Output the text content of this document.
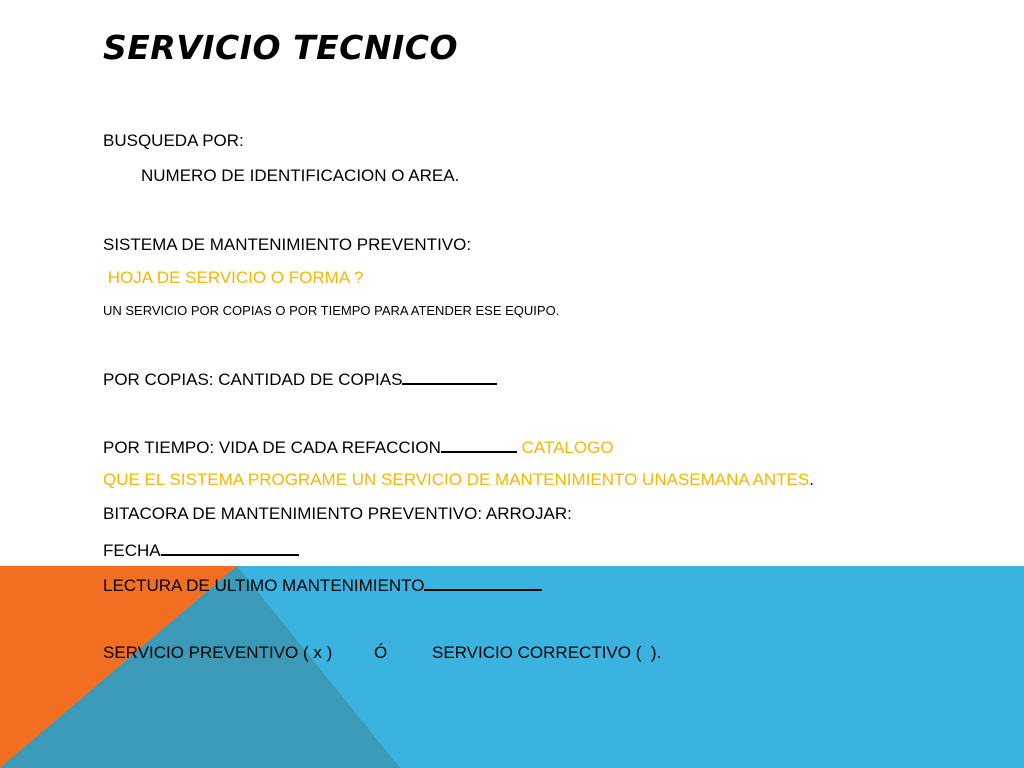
SERVICIO TECNICO
BUSQUEDA POR:
NUMERO DE IDENTIFICACION O AREA.
SISTEMA DE MANTENIMIENTO PREVENTIVO:
HOJA DE SERVICIO O FORMA ?
UN SERVICIO POR COPIAS O POR TIEMPO PARA ATENDER ESE EQUIPO.
POR COPIAS: CANTIDAD DE COPIAS
POR TIEMPO: VIDA DE CADA REFACCION	CATALOGO
QUE EL SISTEMA PROGRAME UN SERVICIO DE MANTENIMIENTO UNASEMANA ANTES.
BITACORA DE MANTENIMIENTO PREVENTIVO: ARROJAR:
FECHA
LECTURA DE ULTIMO MANTENIMIENTO
SERVICIO PREVENTIVO ( x ) Ó	SERVICIO CORRECTIVO (  ).
